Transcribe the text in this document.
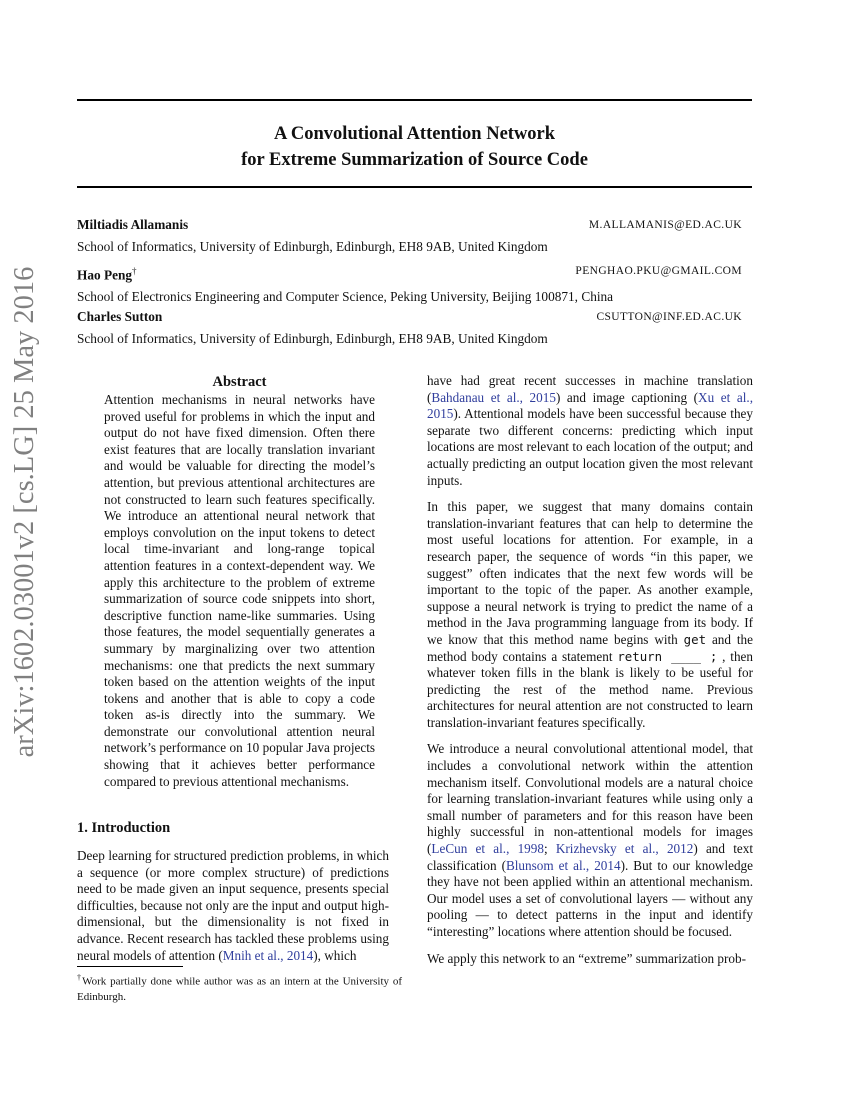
arXiv:1602.03001v2 [cs.LG] 25 May 2016
A Convolutional Attention Network
for Extreme Summarization of Source Code
Miltiadis Allamanis	M.ALLAMANIS@ED.AC.UK
School of Informatics, University of Edinburgh, Edinburgh, EH8 9AB, United Kingdom
Hao Peng†	PENGHAO.PKU@GMAIL.COM
School of Electronics Engineering and Computer Science, Peking University, Beijing 100871, China
Charles Sutton	CSUTTON@INF.ED.AC.UK
School of Informatics, University of Edinburgh, Edinburgh, EH8 9AB, United Kingdom
Abstract

Attention mechanisms in neural networks have proved useful for problems in which the input and output do not have fixed dimension. Often there exist features that are locally translation invariant and would be valuable for directing the model’s attention, but previous attentional architectures are not constructed to learn such features specifically. We introduce an attentional neural network that employs convolution on the input tokens to detect local time-invariant and long-range topical attention features in a context-dependent way. We apply this architecture to the problem of extreme summarization of source code snippets into short, descriptive function name-like summaries. Using those features, the model sequentially generates a summary by marginalizing over two attention mechanisms: one that predicts the next summary token based on the attention weights of the input tokens and another that is able to copy a code token as-is directly into the summary. We demonstrate our convolutional attention neural network’s performance on 10 popular Java projects showing that it achieves better performance compared to previous attentional mechanisms.

1. Introduction

Deep learning for structured prediction problems, in which a sequence (or more complex structure) of predictions need to be made given an input sequence, presents special difficulties, because not only are the input and output high-dimensional, but the dimensionality is not fixed in advance. Recent research has tackled these problems using neural models of attention (Mnih et al., 2014), which

†Work partially done while author was as an intern at the University of Edinburgh.

have had great recent successes in machine translation (Bahdanau et al., 2015) and image captioning (Xu et al., 2015). Attentional models have been successful because they separate two different concerns: predicting which input locations are most relevant to each location of the output; and actually predicting an output location given the most relevant inputs.

In this paper, we suggest that many domains contain translation-invariant features that can help to determine the most useful locations for attention. For example, in a research paper, the sequence of words “in this paper, we suggest” often indicates that the next few words will be important to the topic of the paper. As another example, suppose a neural network is trying to predict the name of a method in the Java programming language from its body. If we know that this method name begins with get and the method body contains a statement return ____ ; , then whatever token fills in the blank is likely to be useful for predicting the rest of the method name. Previous architectures for neural attention are not constructed to learn translation-invariant features specifically.

We introduce a neural convolutional attentional model, that includes a convolutional network within the attention mechanism itself. Convolutional models are a natural choice for learning translation-invariant features while using only a small number of parameters and for this reason have been highly successful in non-attentional models for images (LeCun et al., 1998; Krizhevsky et al., 2012) and text classification (Blunsom et al., 2014). But to our knowledge they have not been applied within an attentional mechanism. Our model uses a set of convolutional layers — without any pooling — to detect patterns in the input and identify “interesting” locations where attention should be focused.

We apply this network to an “extreme” summarization prob-
